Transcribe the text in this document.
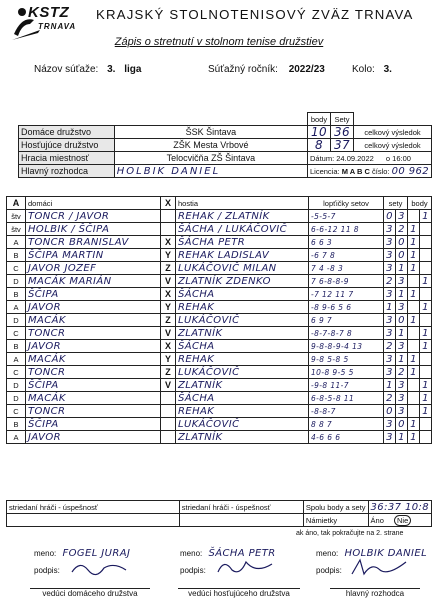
KSTZ
TRNAVA
KRAJSKÝ STOLNOTENISOVÝ ZVÄZ TRNAVA
Zápis o stretnutí v stolnom tenise družstiev
Názov súťaže: 3. liga	Súťažný ročník: 2022/23	Kolo: 3.
		body	Sety	
Domáce družstvo	ŠSK Šintava	10	36	celkový výsledok
Hosťujúce družstvo	ZŠK Mesta Vrbové	8	37	celkový výsledok
Hracia miestnosť	Telocvičňa ZŠ Šintava	Dátum: 24.09.2022 o 16:00		
Hlavný rozhodca	HOLBIK DANIEL	Licencia: M A B C číslo: 00 962		
A	domáci	X	hostia	lopťičky setov	sety		body	
štv	TONCR / JAVOR		REHAK / ZLATNÍK	-5-5-7	0	3		1
štv	HOLBIK / ŠČIPA		ŠÁCHA / LUKÁČOVIČ	6-6-12 11 8	3	2	1	
A	TONCR BRANISLAV	X	ŠÁCHA PETR	6 6 3	3	0	1	
B	ŠČIPA MARTIN	Y	REHAK LADISLAV	-6 7 8	3	0	1	
C	JAVOR JOZEF	Z	LUKÁČOVIČ MILAN	7 4 -8 3	3	1	1	
D	MACÁK MARIÁN	V	ZLATNÍK ZDENKO	7 6-8-8-9	2	3		1
B	ŠČIPA	X	ŠÁCHA	-7 12 11 7	3	1	1	
A	JAVOR	Y	REHAK	-8 9-6 5 6	1	3		1
D	MACÁK	Z	LUKÁČOVIČ	6 9 7	3	0	1	
C	TONCR	V	ZLATNÍK	-8-7-8-7 8	3	1		1
B	JAVOR	X	ŠÁCHA	9-8-8-9-4 13	2	3		1
A	MACÁK	Y	REHAK	9-8 5-8 5	3	1	1	
C	TONCR	Z	LUKÁČOVIČ	10-8 9-5 5	3	2	1	
D	ŠČIPA	V	ZLATNÍK	-9-8 11-7	1	3		1
D	MACÁK		ŠÁCHA	6-8-5-8 11	2	3		1
C	TONCR		REHAK	-8-8-7	0	3		1
B	ŠČIPA		LUKÁČOVIČ	8 8 7	3	0	1	
A	JAVOR		ZLATNÍK	4-6 6 6	3	1	1	
striedaní hráči - úspešnosť	striedaní hráči - úspešnosť	Spolu body a sety	36:37 10:8
		Námietky	Áno Nie
ak áno, tak pokračujte na 2. strane
meno: FOGEL JURAJ	meno: ŠÁCHA PETR	meno: HOLBIK DANIEL
podpis:	podpis:	podpis:
vedúci domáceho družstva	vedúci hosťujúceho družstva	hlavný rozhodca
